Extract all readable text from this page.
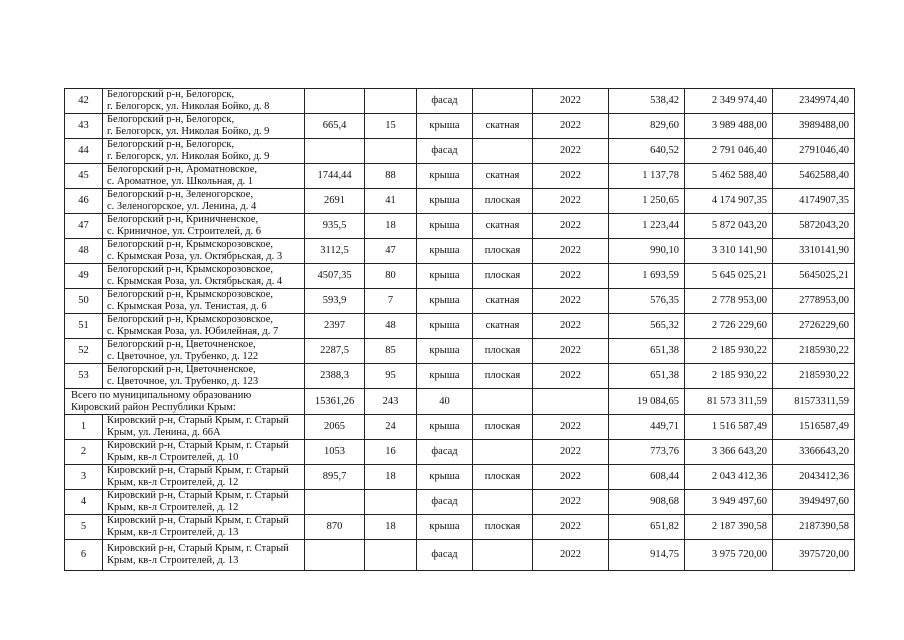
42	Белогорский р-н, Белогорск,
г. Белогорск, ул. Николая Бойко, д. 8			фасад		2022	538,42	2 349 974,40	2349974,40
43	Белогорский р-н, Белогорск,
г. Белогорск, ул. Николая Бойко, д. 9	665,4	15	крыша	скатная	2022	829,60	3 989 488,00	3989488,00
44	Белогорский р-н, Белогорск,
г. Белогорск, ул. Николая Бойко, д. 9			фасад		2022	640,52	2 791 046,40	2791046,40
45	Белогорский р-н, Ароматновское,
с. Ароматное, ул. Школьная, д. 1	1744,44	88	крыша	скатная	2022	1 137,78	5 462 588,40	5462588,40
46	Белогорский р-н, Зеленогорское,
с. Зеленогорское, ул. Ленина, д. 4	2691	41	крыша	плоская	2022	1 250,65	4 174 907,35	4174907,35
47	Белогорский р-н, Криничненское,
с. Криничное, ул. Строителей, д. 6	935,5	18	крыша	скатная	2022	1 223,44	5 872 043,20	5872043,20
48	Белогорский р-н, Крымскорозовское,
с. Крымская Роза, ул. Октябрьская, д. 3	3112,5	47	крыша	плоская	2022	990,10	3 310 141,90	3310141,90
49	Белогорский р-н, Крымскорозовское,
с. Крымская Роза, ул. Октябрьская, д. 4	4507,35	80	крыша	плоская	2022	1 693,59	5 645 025,21	5645025,21
50	Белогорский р-н, Крымскорозовское,
с. Крымская Роза, ул. Тенистая, д. 6	593,9	7	крыша	скатная	2022	576,35	2 778 953,00	2778953,00
51	Белогорский р-н, Крымскорозовское,
с. Крымская Роза, ул. Юбилейная, д. 7	2397	48	крыша	скатная	2022	565,32	2 726 229,60	2726229,60
52	Белогорский р-н, Цветочненское,
с. Цветочное, ул. Трубенко, д. 122	2287,5	85	крыша	плоская	2022	651,38	2 185 930,22	2185930,22
53	Белогорский р-н, Цветочненское,
с. Цветочное, ул. Трубенко, д. 123	2388,3	95	крыша	плоская	2022	651,38	2 185 930,22	2185930,22

Всего по муниципальному образованию
Кировский район Республики Крым:		15361,26	243	40			19 084,65	81 573 311,59	81573311,59
1	Кировский р-н, Старый Крым, г. Старый
Крым, ул. Ленина, д. 66А	2065	24	крыша	плоская	2022	449,71	1 516 587,49	1516587,49
2	Кировский р-н, Старый Крым, г. Старый
Крым, кв-л Строителей, д. 10	1053	16	фасад		2022	773,76	3 366 643,20	3366643,20
3	Кировский р-н, Старый Крым, г. Старый
Крым, кв-л Строителей, д. 12	895,7	18	крыша	плоская	2022	608,44	2 043 412,36	2043412,36
4	Кировский р-н, Старый Крым, г. Старый
Крым, кв-л Строителей, д. 12			фасад		2022	908,68	3 949 497,60	3949497,60
5	Кировский р-н, Старый Крым, г. Старый
Крым, кв-л Строителей, д. 13	870	18	крыша	плоская	2022	651,82	2 187 390,58	2187390,58
6	Кировский р-н, Старый Крым, г. Старый
Крым, кв-л Строителей, д. 13			фасад		2022	914,75	3 975 720,00	3975720,00
